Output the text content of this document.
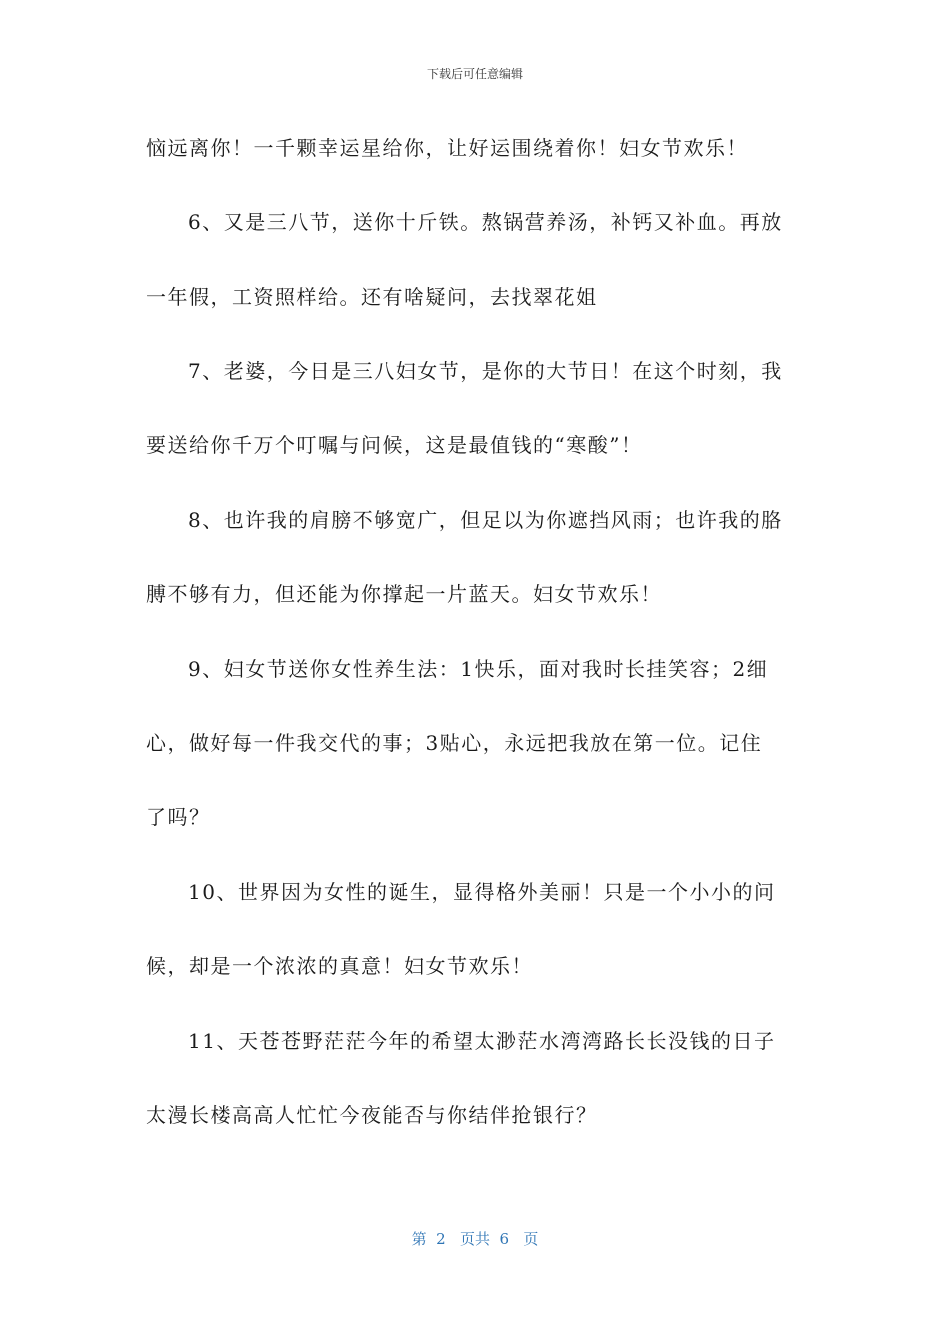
下载后可任意编辑
恼远离你！一千颗幸运星给你，让好运围绕着你！妇女节欢乐！
6、又是三八节，送你十斤铁。熬锅营养汤，补钙又补血。再放
一年假，工资照样给。还有啥疑问，去找翠花姐
7、老婆，今日是三八妇女节，是你的大节日！在这个时刻，我
要送给你千万个叮嘱与问候，这是最值钱的“寒酸”！
8、也许我的肩膀不够宽广，但足以为你遮挡风雨；也许我的胳
膊不够有力，但还能为你撑起一片蓝天。妇女节欢乐！
9、妇女节送你女性养生法：1快乐，面对我时长挂笑容；2细
心，做好每一件我交代的事；3贴心，永远把我放在第一位。记住
了吗？
10、世界因为女性的诞生，显得格外美丽！只是一个小小的问
候，却是一个浓浓的真意！妇女节欢乐！
11、天苍苍野茫茫今年的希望太渺茫水湾湾路长长没钱的日子
太漫长楼高高人忙忙今夜能否与你结伴抢银行？
第  2   页共  6   页
